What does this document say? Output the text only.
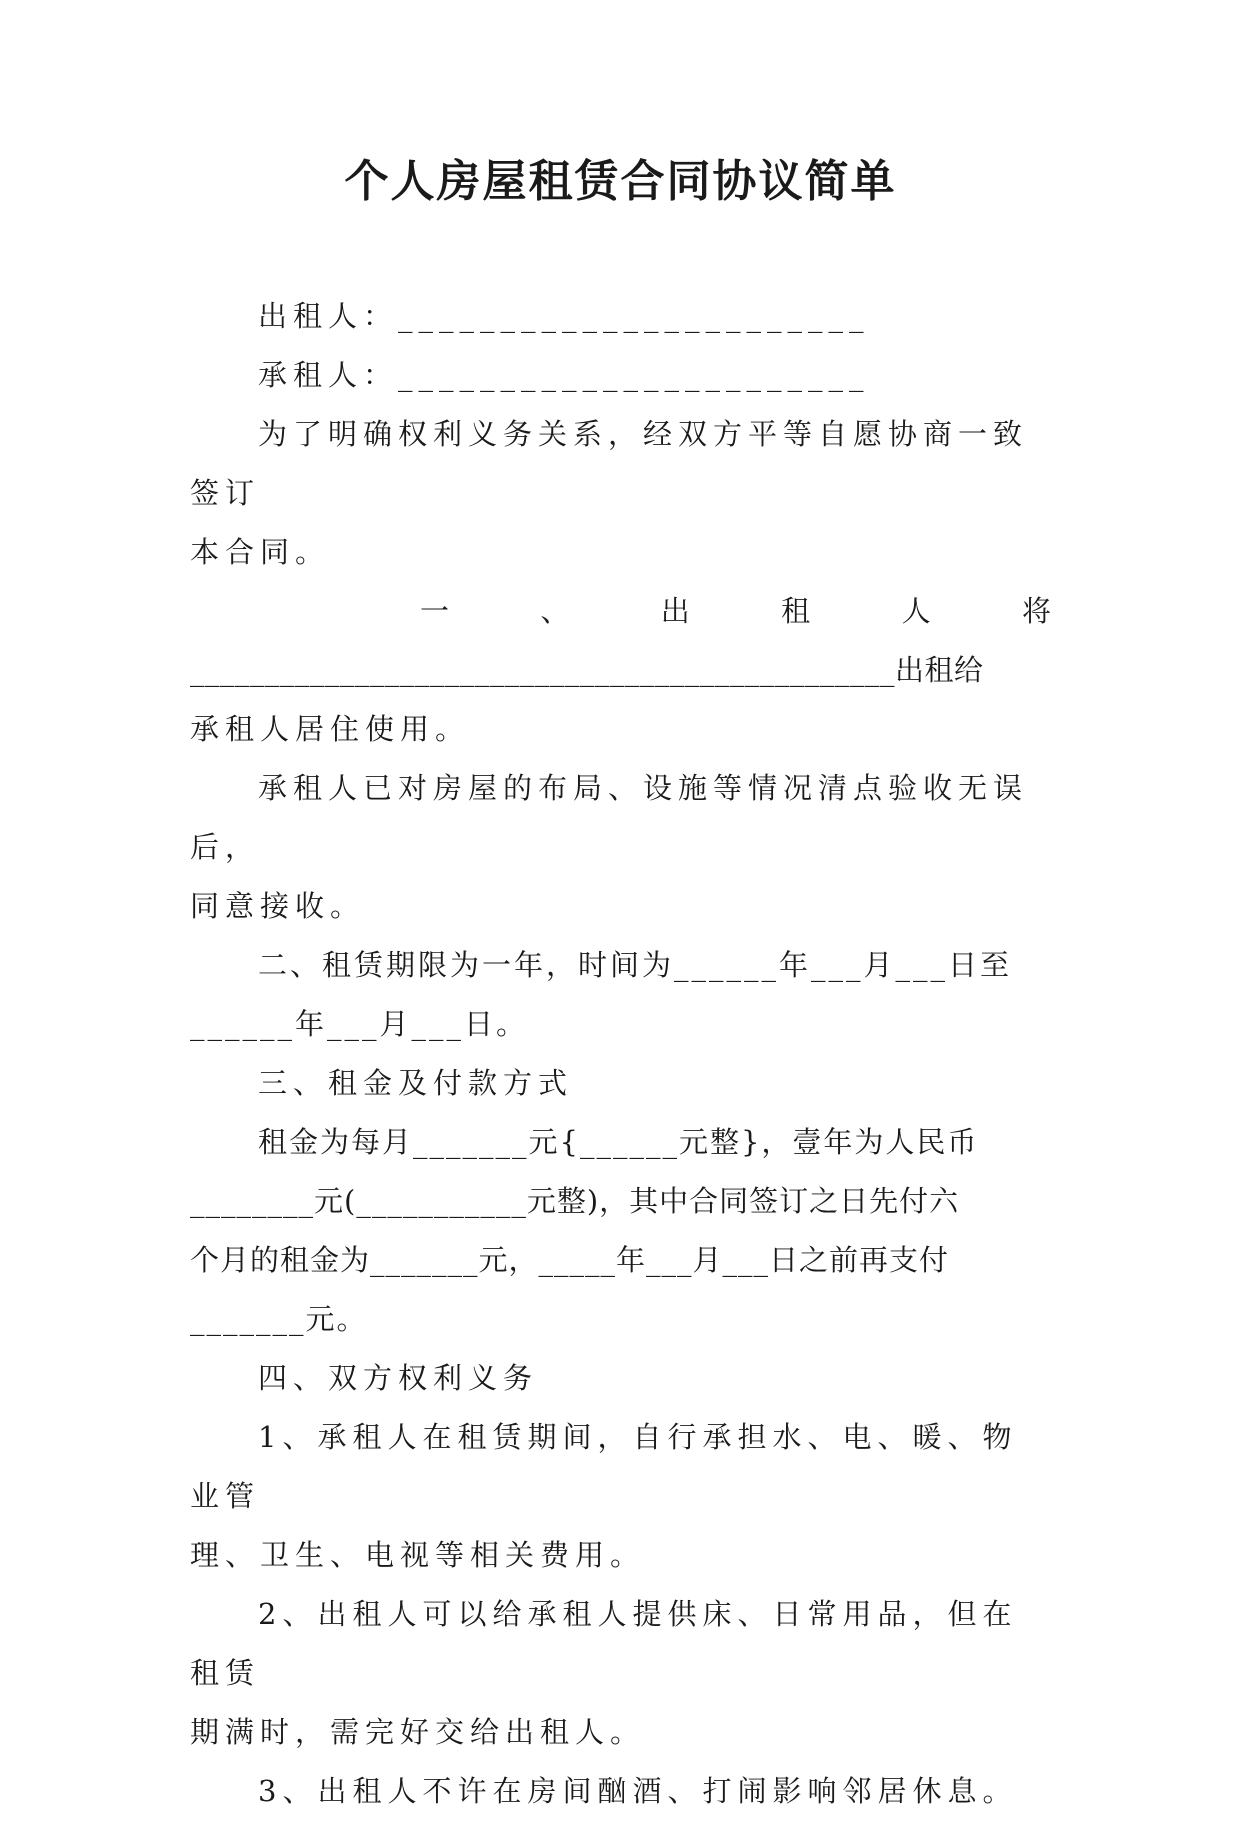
个人房屋租赁合同协议简单

出租人：_______________________

承租人：_______________________

为了明确权利义务关系，经双方平等自愿协商一致签订

本合同。

一	、	出	租	人	将

_______________________________________________出租给

承租人居住使用。

承租人已对房屋的布局、设施等情况清点验收无误后，

同意接收。

二、租赁期限为一年，时间为______年___月___日至

______年___月___日。

三、租金及付款方式

租金为每月_______元{______元整}，壹年为人民币

________元(___________元整)，其中合同签订之日先付六

个月的租金为_______元，_____年___月___日之前再支付

_______元。

四、双方权利义务

1、承租人在租赁期间，自行承担水、电、暖、物业管

理、卫生、电视等相关费用。

2、出租人可以给承租人提供床、日常用品，但在租赁

期满时，需完好交给出租人。

3、出租人不许在房间酗酒、打闹影响邻居休息。
